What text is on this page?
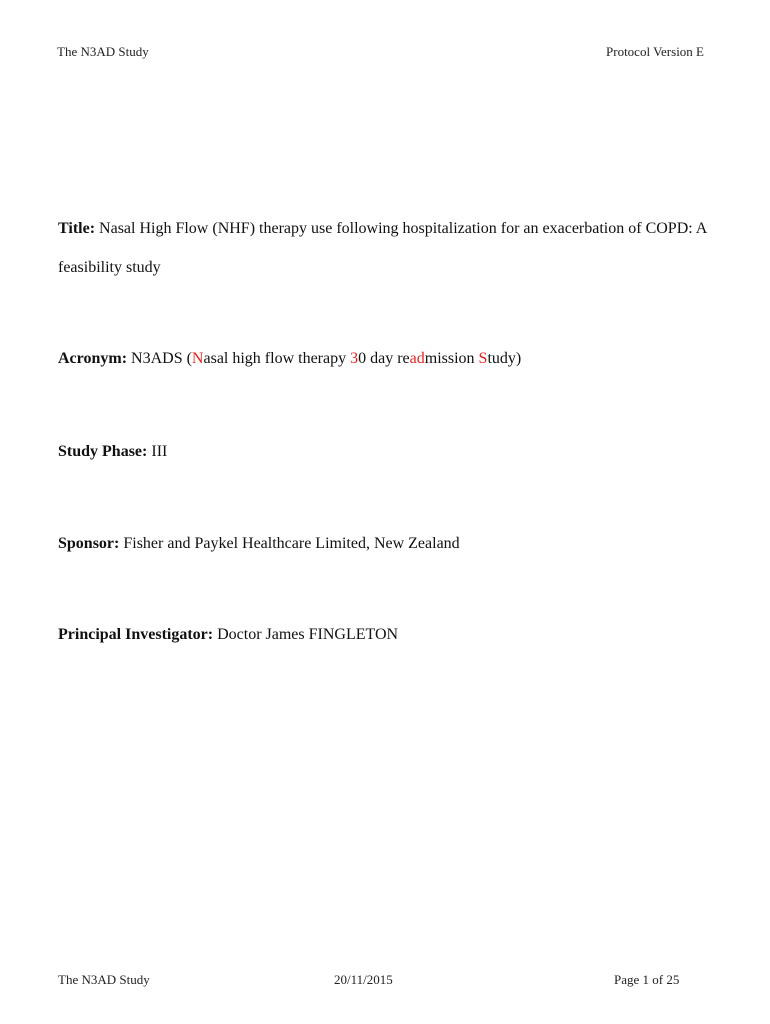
The N3AD Study	Protocol Version E
Title: Nasal High Flow (NHF) therapy use following hospitalization for an exacerbation of COPD: A feasibility study
Acronym: N3ADS (Nasal high flow therapy 30 day readmission Study)
Study Phase: III
Sponsor: Fisher and Paykel Healthcare Limited, New Zealand
Principal Investigator: Doctor James FINGLETON
The N3AD Study	20/11/2015	Page 1 of 25
